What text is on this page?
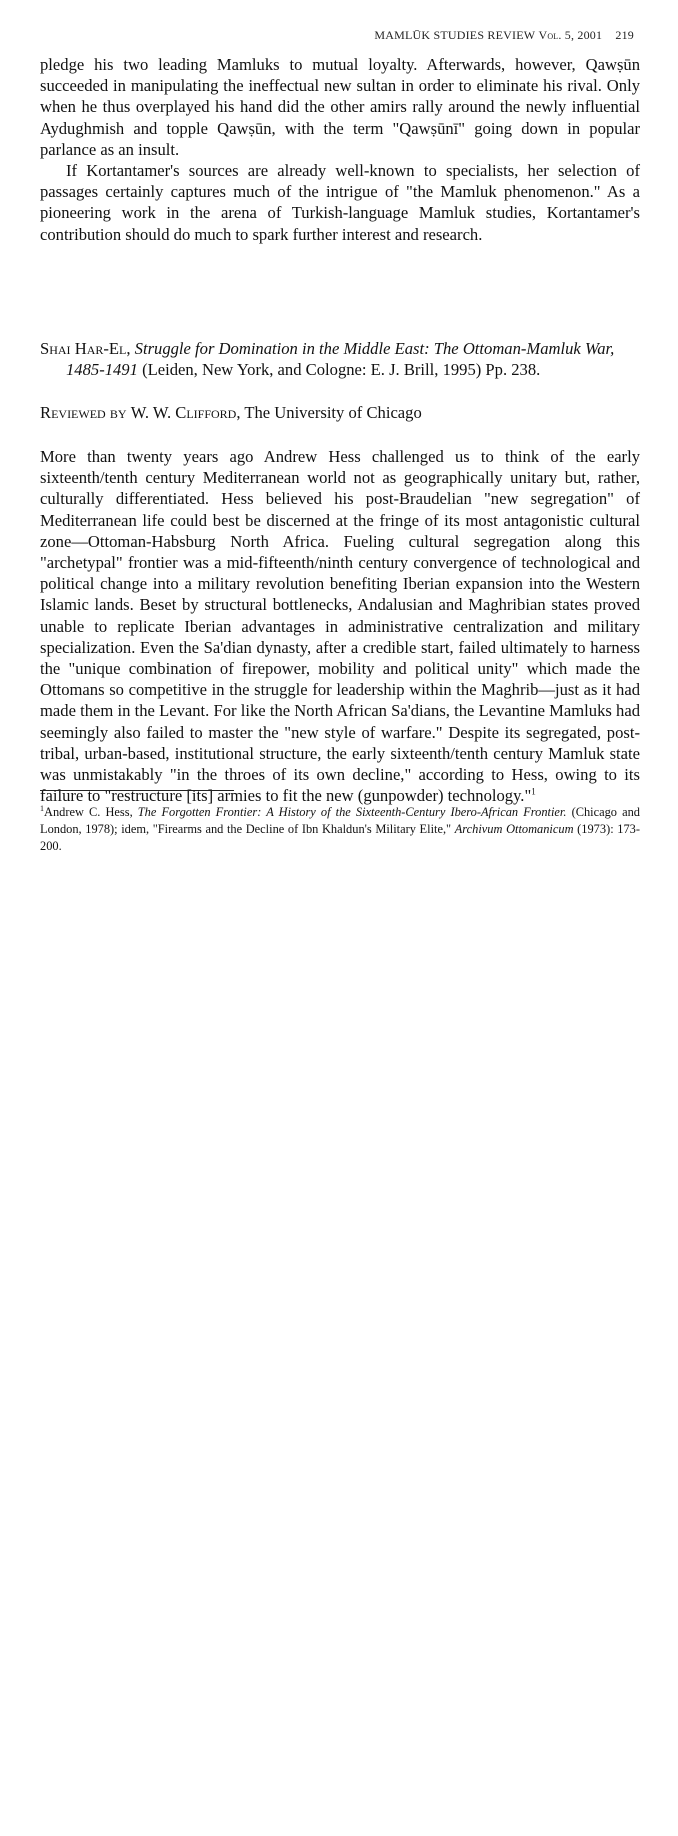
MAMLŪK STUDIES REVIEW Vol. 5, 2001 219

pledge his two leading Mamluks to mutual loyalty. Afterwards, however, Qawṣūn succeeded in manipulating the ineffectual new sultan in order to eliminate his rival. Only when he thus overplayed his hand did the other amirs rally around the newly influential Aydughmish and topple Qawṣūn, with the term "Qawṣūnī" going down in popular parlance as an insult.

If Kortantamer's sources are already well-known to specialists, her selection of passages certainly captures much of the intrigue of "the Mamluk phenomenon." As a pioneering work in the arena of Turkish-language Mamluk studies, Kortantamer's contribution should do much to spark further interest and research.

Shai Har-El, Struggle for Domination in the Middle East: The Ottoman-Mamluk War, 1485-1491 (Leiden, New York, and Cologne: E. J. Brill, 1995) Pp. 238.

Reviewed by W. W. Clifford, The University of Chicago

More than twenty years ago Andrew Hess challenged us to think of the early sixteenth/tenth century Mediterranean world not as geographically unitary but, rather, culturally differentiated. Hess believed his post-Braudelian "new segregation" of Mediterranean life could best be discerned at the fringe of its most antagonistic cultural zone—Ottoman-Habsburg North Africa. Fueling cultural segregation along this "archetypal" frontier was a mid-fifteenth/ninth century convergence of technological and political change into a military revolution benefiting Iberian expansion into the Western Islamic lands. Beset by structural bottlenecks, Andalusian and Maghribian states proved unable to replicate Iberian advantages in administrative centralization and military specialization. Even the Sa'dian dynasty, after a credible start, failed ultimately to harness the "unique combination of firepower, mobility and political unity" which made the Ottomans so competitive in the struggle for leadership within the Maghrib—just as it had made them in the Levant. For like the North African Sa'dians, the Levantine Mamluks had seemingly also failed to master the "new style of warfare." Despite its segregated, post-tribal, urban-based, institutional structure, the early sixteenth/tenth century Mamluk state was unmistakably "in the throes of its own decline," according to Hess, owing to its failure to "restructure [its] armies to fit the new (gunpowder) technology."$^1$

$^1$Andrew C. Hess, The Forgotten Frontier: A History of the Sixteenth-Century Ibero-African Frontier. (Chicago and London, 1978); idem, "Firearms and the Decline of Ibn Khaldun's Military Elite," Archivum Ottomanicum (1973): 173-200.
